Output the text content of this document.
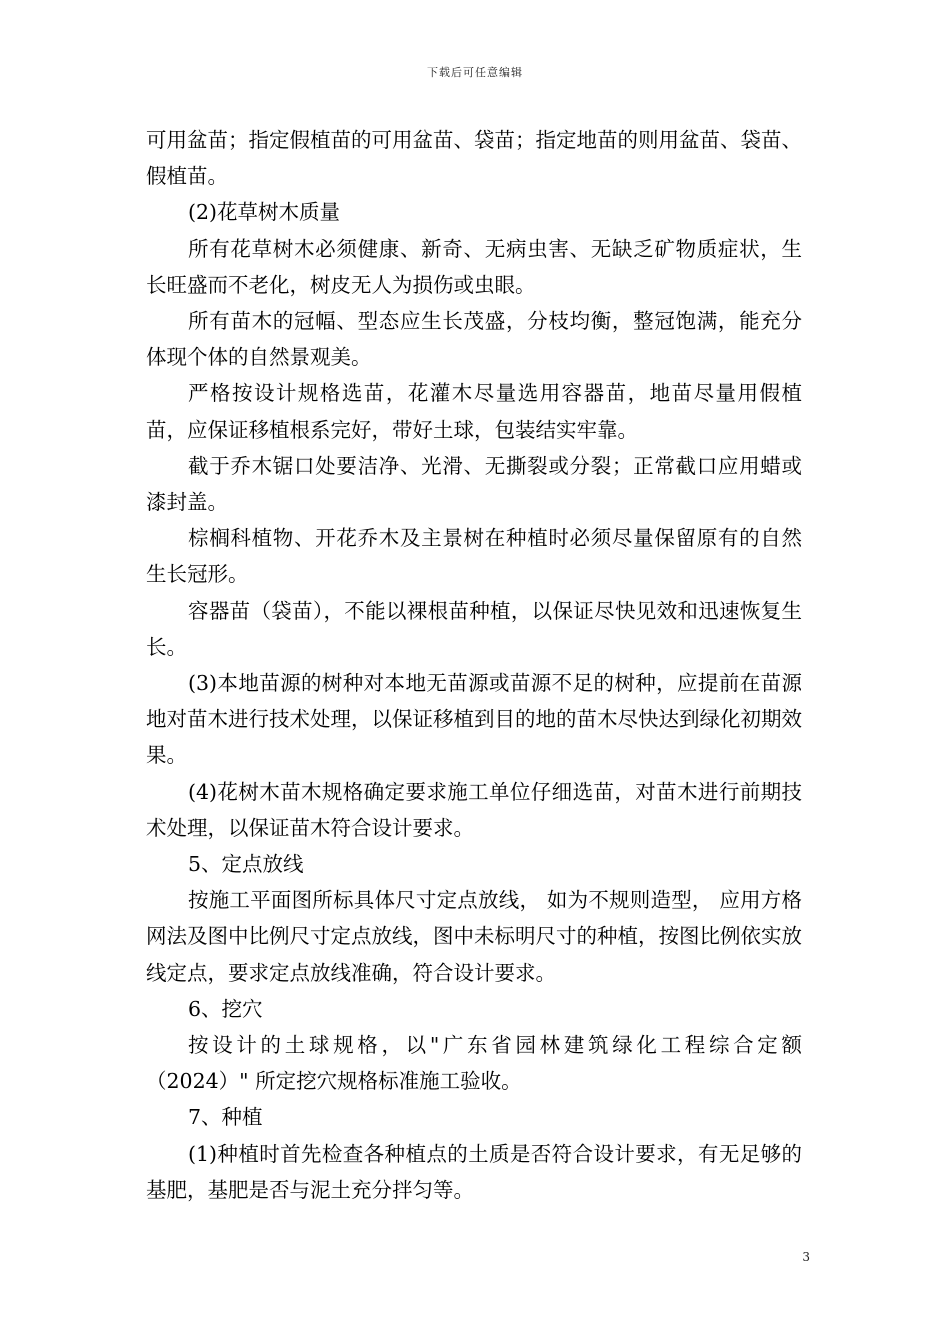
下载后可任意编辑

可用盆苗；指定假植苗的可用盆苗、袋苗；指定地苗的则用盆苗、袋苗、假植苗。

(2)花草树木质量

所有花草树木必须健康、新奇、无病虫害、无缺乏矿物质症状，生长旺盛而不老化，树皮无人为损伤或虫眼。

所有苗木的冠幅、型态应生长茂盛，分枝均衡，整冠饱满，能充分体现个体的自然景观美。

严格按设计规格选苗，花灌木尽量选用容器苗，地苗尽量用假植苗，应保证移植根系完好，带好土球，包装结实牢靠。

截于乔木锯口处要洁净、光滑、无撕裂或分裂；正常截口应用蜡或漆封盖。

棕榈科植物、开花乔木及主景树在种植时必须尽量保留原有的自然生长冠形。

容器苗（袋苗），不能以裸根苗种植，以保证尽快见效和迅速恢复生长。

(3)本地苗源的树种对本地无苗源或苗源不足的树种，应提前在苗源地对苗木进行技术处理，以保证移植到目的地的苗木尽快达到绿化初期效果。

(4)花树木苗木规格确定要求施工单位仔细选苗，对苗木进行前期技术处理，以保证苗木符合设计要求。

5、定点放线

按施工平面图所标具体尺寸定点放线， 如为不规则造型， 应用方格网法及图中比例尺寸定点放线，图中未标明尺寸的种植，按图比例依实放线定点，要求定点放线准确，符合设计要求。

6、挖穴

按设计的土球规格，以"广东省园林建筑绿化工程综合定额（2024）" 所定挖穴规格标准施工验收。

7、种植

(1)种植时首先检查各种植点的土质是否符合设计要求，有无足够的基肥，基肥是否与泥土充分拌匀等。

3
